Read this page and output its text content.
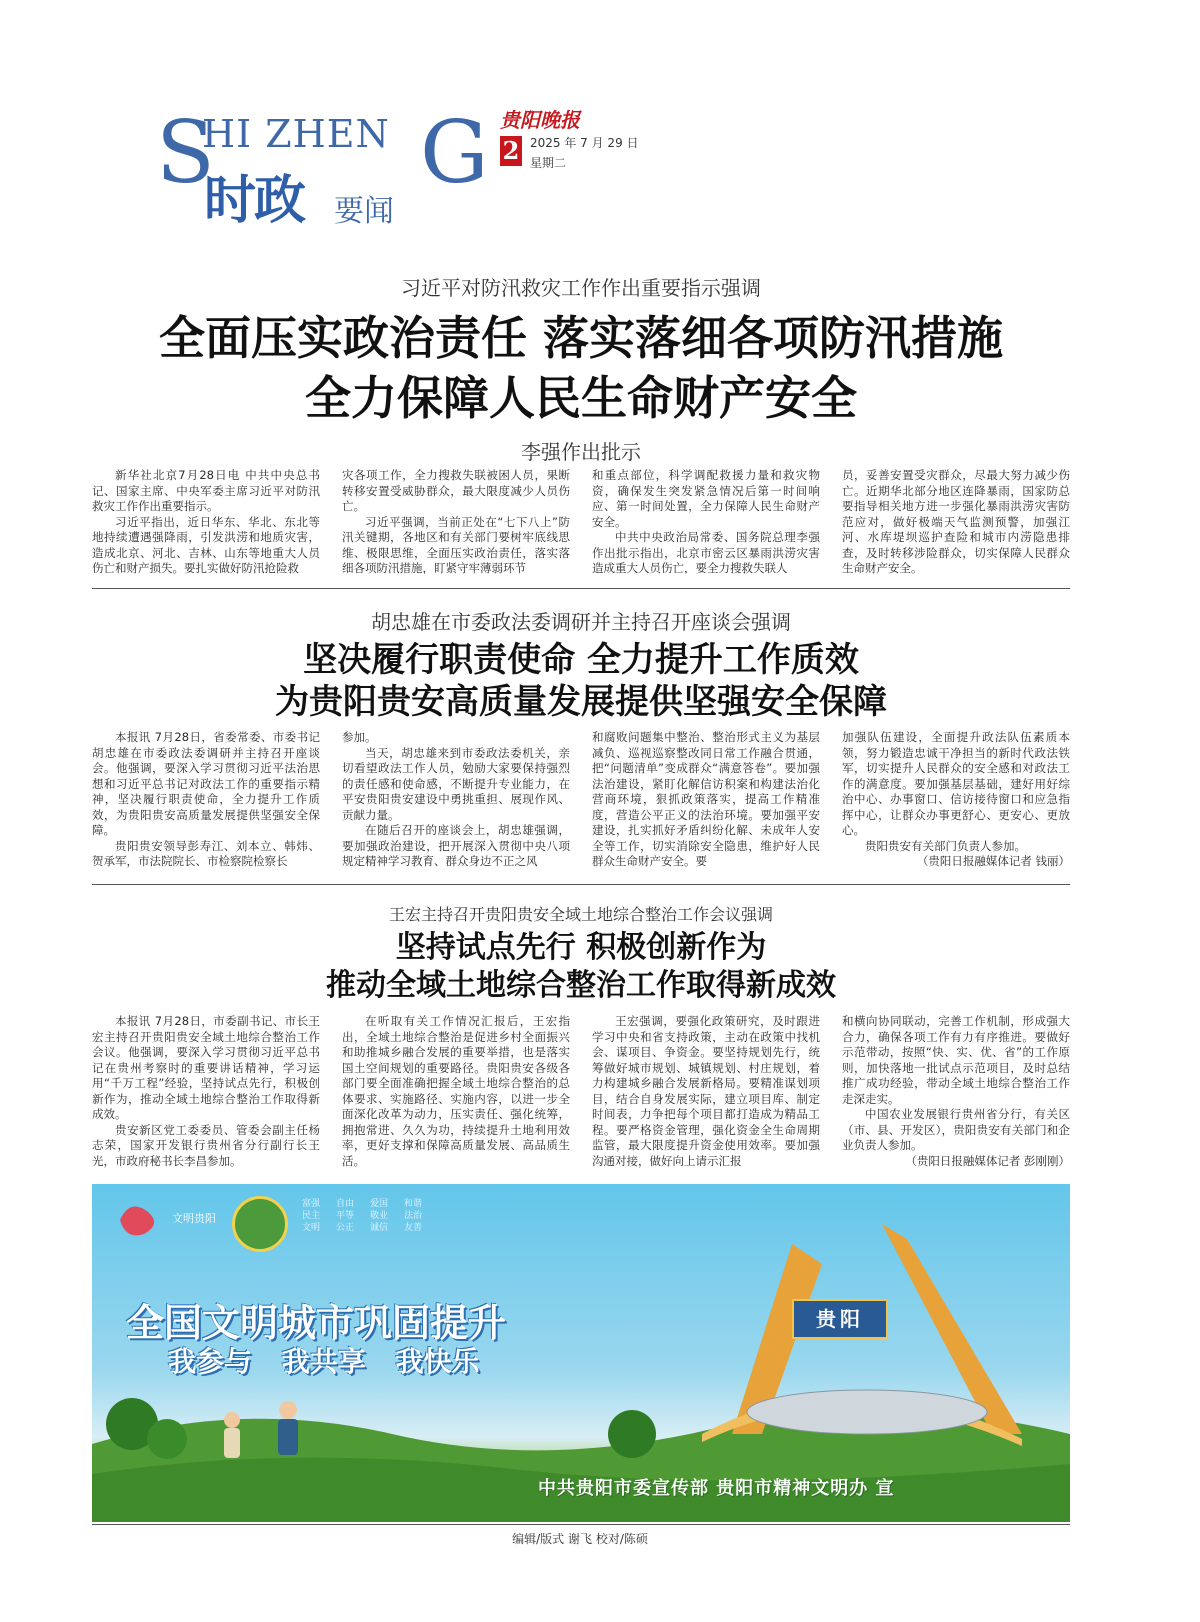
S
HI ZHEN G
时政 要闻
贵阳晚报
2 2025 年 7 月 29 日
星期二
习近平对防汛救灾工作作出重要指示强调
全面压实政治责任 落实落细各项防汛措施
全力保障人民生命财产安全
李强作出批示

新华社北京7月28日电 中共中央总书记、国家主席、中央军委主席习近平对防汛救灾工作作出重要指示。

习近平指出，近日华东、华北、东北等地持续遭遇强降雨，引发洪涝和地质灾害，造成北京、河北、吉林、山东等地重大人员伤亡和财产损失。要扎实做好防汛抢险救

灾各项工作，全力搜救失联被困人员，果断转移安置受威胁群众，最大限度减少人员伤亡。

习近平强调，当前正处在“七下八上”防汛关键期，各地区和有关部门要树牢底线思维、极限思维，全面压实政治责任，落实落细各项防汛措施，盯紧守牢薄弱环节

和重点部位，科学调配救援力量和救灾物资，确保发生突发紧急情况后第一时间响应、第一时间处置，全力保障人民生命财产安全。

中共中央政治局常委、国务院总理李强作出批示指出，北京市密云区暴雨洪涝灾害造成重大人员伤亡，要全力搜救失联人

员，妥善安置受灾群众，尽最大努力减少伤亡。近期华北部分地区连降暴雨，国家防总要指导相关地方进一步强化暴雨洪涝灾害防范应对，做好极端天气监测预警，加强江河、水库堤坝巡护查险和城市内涝隐患排查，及时转移涉险群众，切实保障人民群众生命财产安全。

胡忠雄在市委政法委调研并主持召开座谈会强调
坚决履行职责使命 全力提升工作质效
为贵阳贵安高质量发展提供坚强安全保障

本报讯 7月28日，省委常委、市委书记胡忠雄在市委政法委调研并主持召开座谈会。他强调，要深入学习贯彻习近平法治思想和习近平总书记对政法工作的重要指示精神，坚决履行职责使命，全力提升工作质效，为贵阳贵安高质量发展提供坚强安全保障。

贵阳贵安领导彭寿江、刘本立、韩炜、贺承军，市法院院长、市检察院检察长

参加。

当天，胡忠雄来到市委政法委机关，亲切看望政法工作人员，勉励大家要保持强烈的责任感和使命感，不断提升专业能力，在平安贵阳贵安建设中勇挑重担、展现作风、贡献力量。

在随后召开的座谈会上，胡忠雄强调，要加强政治建设，把开展深入贯彻中央八项规定精神学习教育、群众身边不正之风

和腐败问题集中整治、整治形式主义为基层减负、巡视巡察整改同日常工作融合贯通，把“问题清单”变成群众“满意答卷”。要加强法治建设，紧盯化解信访积案和构建法治化营商环境，狠抓政策落实，提高工作精准度，营造公平正义的法治环境。要加强平安建设，扎实抓好矛盾纠纷化解、未成年人安全等工作，切实消除安全隐患，维护好人民群众生命财产安全。要

加强队伍建设，全面提升政法队伍素质本领，努力锻造忠诚干净担当的新时代政法铁军，切实提升人民群众的安全感和对政法工作的满意度。要加强基层基础，建好用好综治中心、办事窗口、信访接待窗口和应急指挥中心，让群众办事更舒心、更安心、更放心。

贵阳贵安有关部门负责人参加。

（贵阳日报融媒体记者 钱丽）

王宏主持召开贵阳贵安全域土地综合整治工作会议强调
坚持试点先行 积极创新作为
推动全域土地综合整治工作取得新成效

本报讯 7月28日，市委副书记、市长王宏主持召开贵阳贵安全域土地综合整治工作会议。他强调，要深入学习贯彻习近平总书记在贵州考察时的重要讲话精神，学习运用“千万工程”经验，坚持试点先行，积极创新作为，推动全域土地综合整治工作取得新成效。

贵安新区党工委委员、管委会副主任杨志荣，国家开发银行贵州省分行副行长王光，市政府秘书长李昌参加。

在听取有关工作情况汇报后，王宏指出，全域土地综合整治是促进乡村全面振兴和助推城乡融合发展的重要举措，也是落实国土空间规划的重要路径。贵阳贵安各级各部门要全面准确把握全域土地综合整治的总体要求、实施路径、实施内容，以进一步全面深化改革为动力，压实责任、强化统筹，拥抱常进、久久为功，持续提升土地利用效率，更好支撑和保障高质量发展、高品质生活。

王宏强调，要强化政策研究，及时跟进学习中央和省支持政策，主动在政策中找机会、谋项目、争资金。要坚持规划先行，统筹做好城市规划、城镇规划、村庄规划，着力构建城乡融合发展新格局。要精准谋划项目，结合自身发展实际，建立项目库、制定时间表，力争把每个项目都打造成为精品工程。要严格资金管理，强化资金全生命周期监管，最大限度提升资金使用效率。要加强沟通对接，做好向上请示汇报

和横向协同联动，完善工作机制，形成强大合力，确保各项工作有力有序推进。要做好示范带动，按照“快、实、优、省”的工作原则，加快落地一批试点示范项目，及时总结推广成功经验，带动全域土地综合整治工作走深走实。

中国农业发展银行贵州省分行，有关区（市、县、开发区），贵阳贵安有关部门和企业负责人参加。

（贵阳日报融媒体记者 彭刚刚）

文明贵阳
富强
民主
文明
自由
平等
公正
爱国
敬业
诚信
和谐
法治
友善
全国文明城市巩固提升
我参与 我共享 我快乐
贵阳
中共贵阳市委宣传部 贵阳市精神文明办 宣
编辑/版式 谢飞 校对/陈硕
